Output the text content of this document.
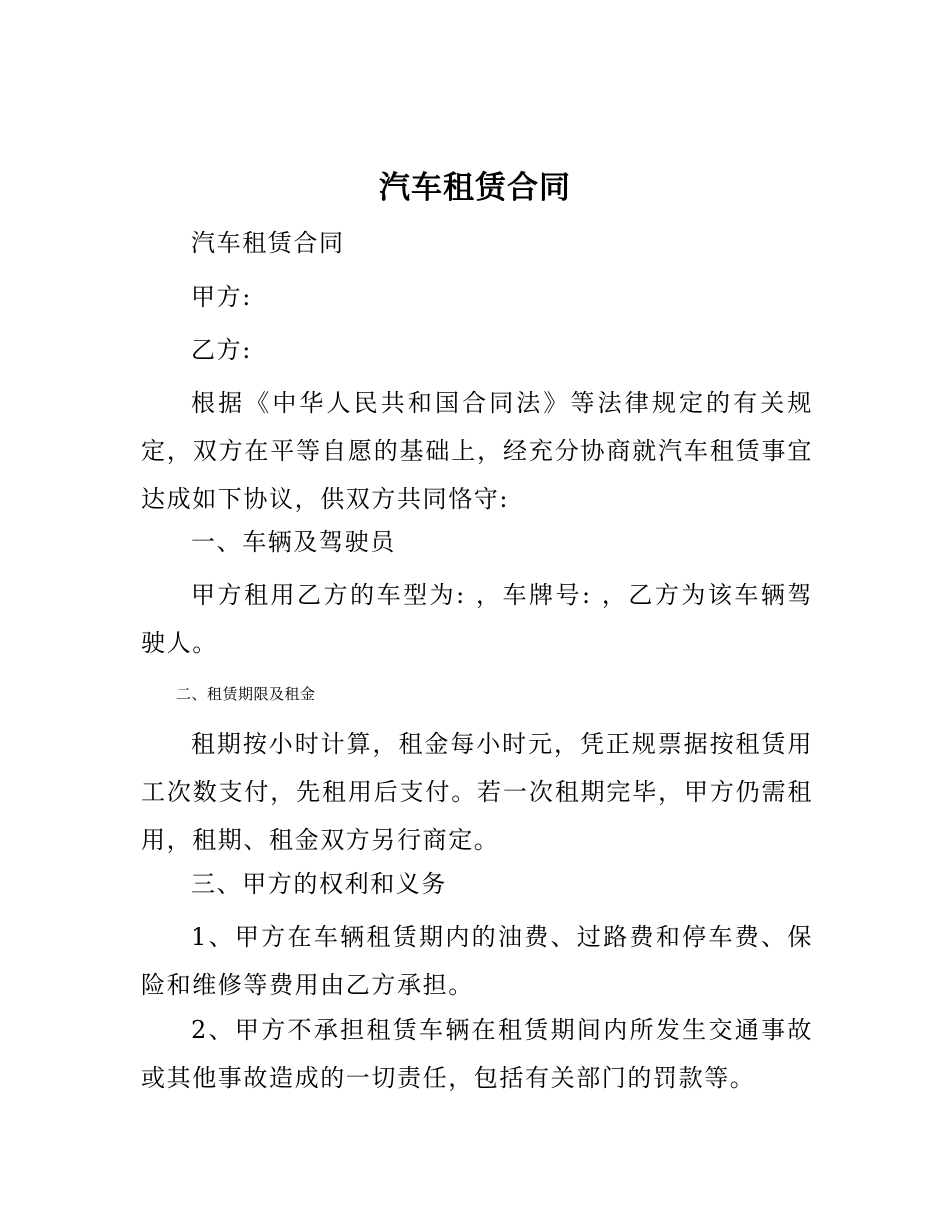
汽车租赁合同

汽车租赁合同

甲方:

乙方:

根据《中华人民共和国合同法》等法律规定的有关规定，双方在平等自愿的基础上，经充分协商就汽车租赁事宜达成如下协议，供双方共同恪守:

一、车辆及驾驶员

甲方租用乙方的车型为: ，车牌号: ，乙方为该车辆驾驶人。

二、租赁期限及租金

租期按小时计算，租金每小时元，凭正规票据按租赁用工次数支付，先租用后支付。若一次租期完毕，甲方仍需租用，租期、租金双方另行商定。

三、甲方的权利和义务

1、甲方在车辆租赁期内的油费、过路费和停车费、保险和维修等费用由乙方承担。

2、甲方不承担租赁车辆在租赁期间内所发生交通事故或其他事故造成的一切责任，包括有关部门的罚款等。
